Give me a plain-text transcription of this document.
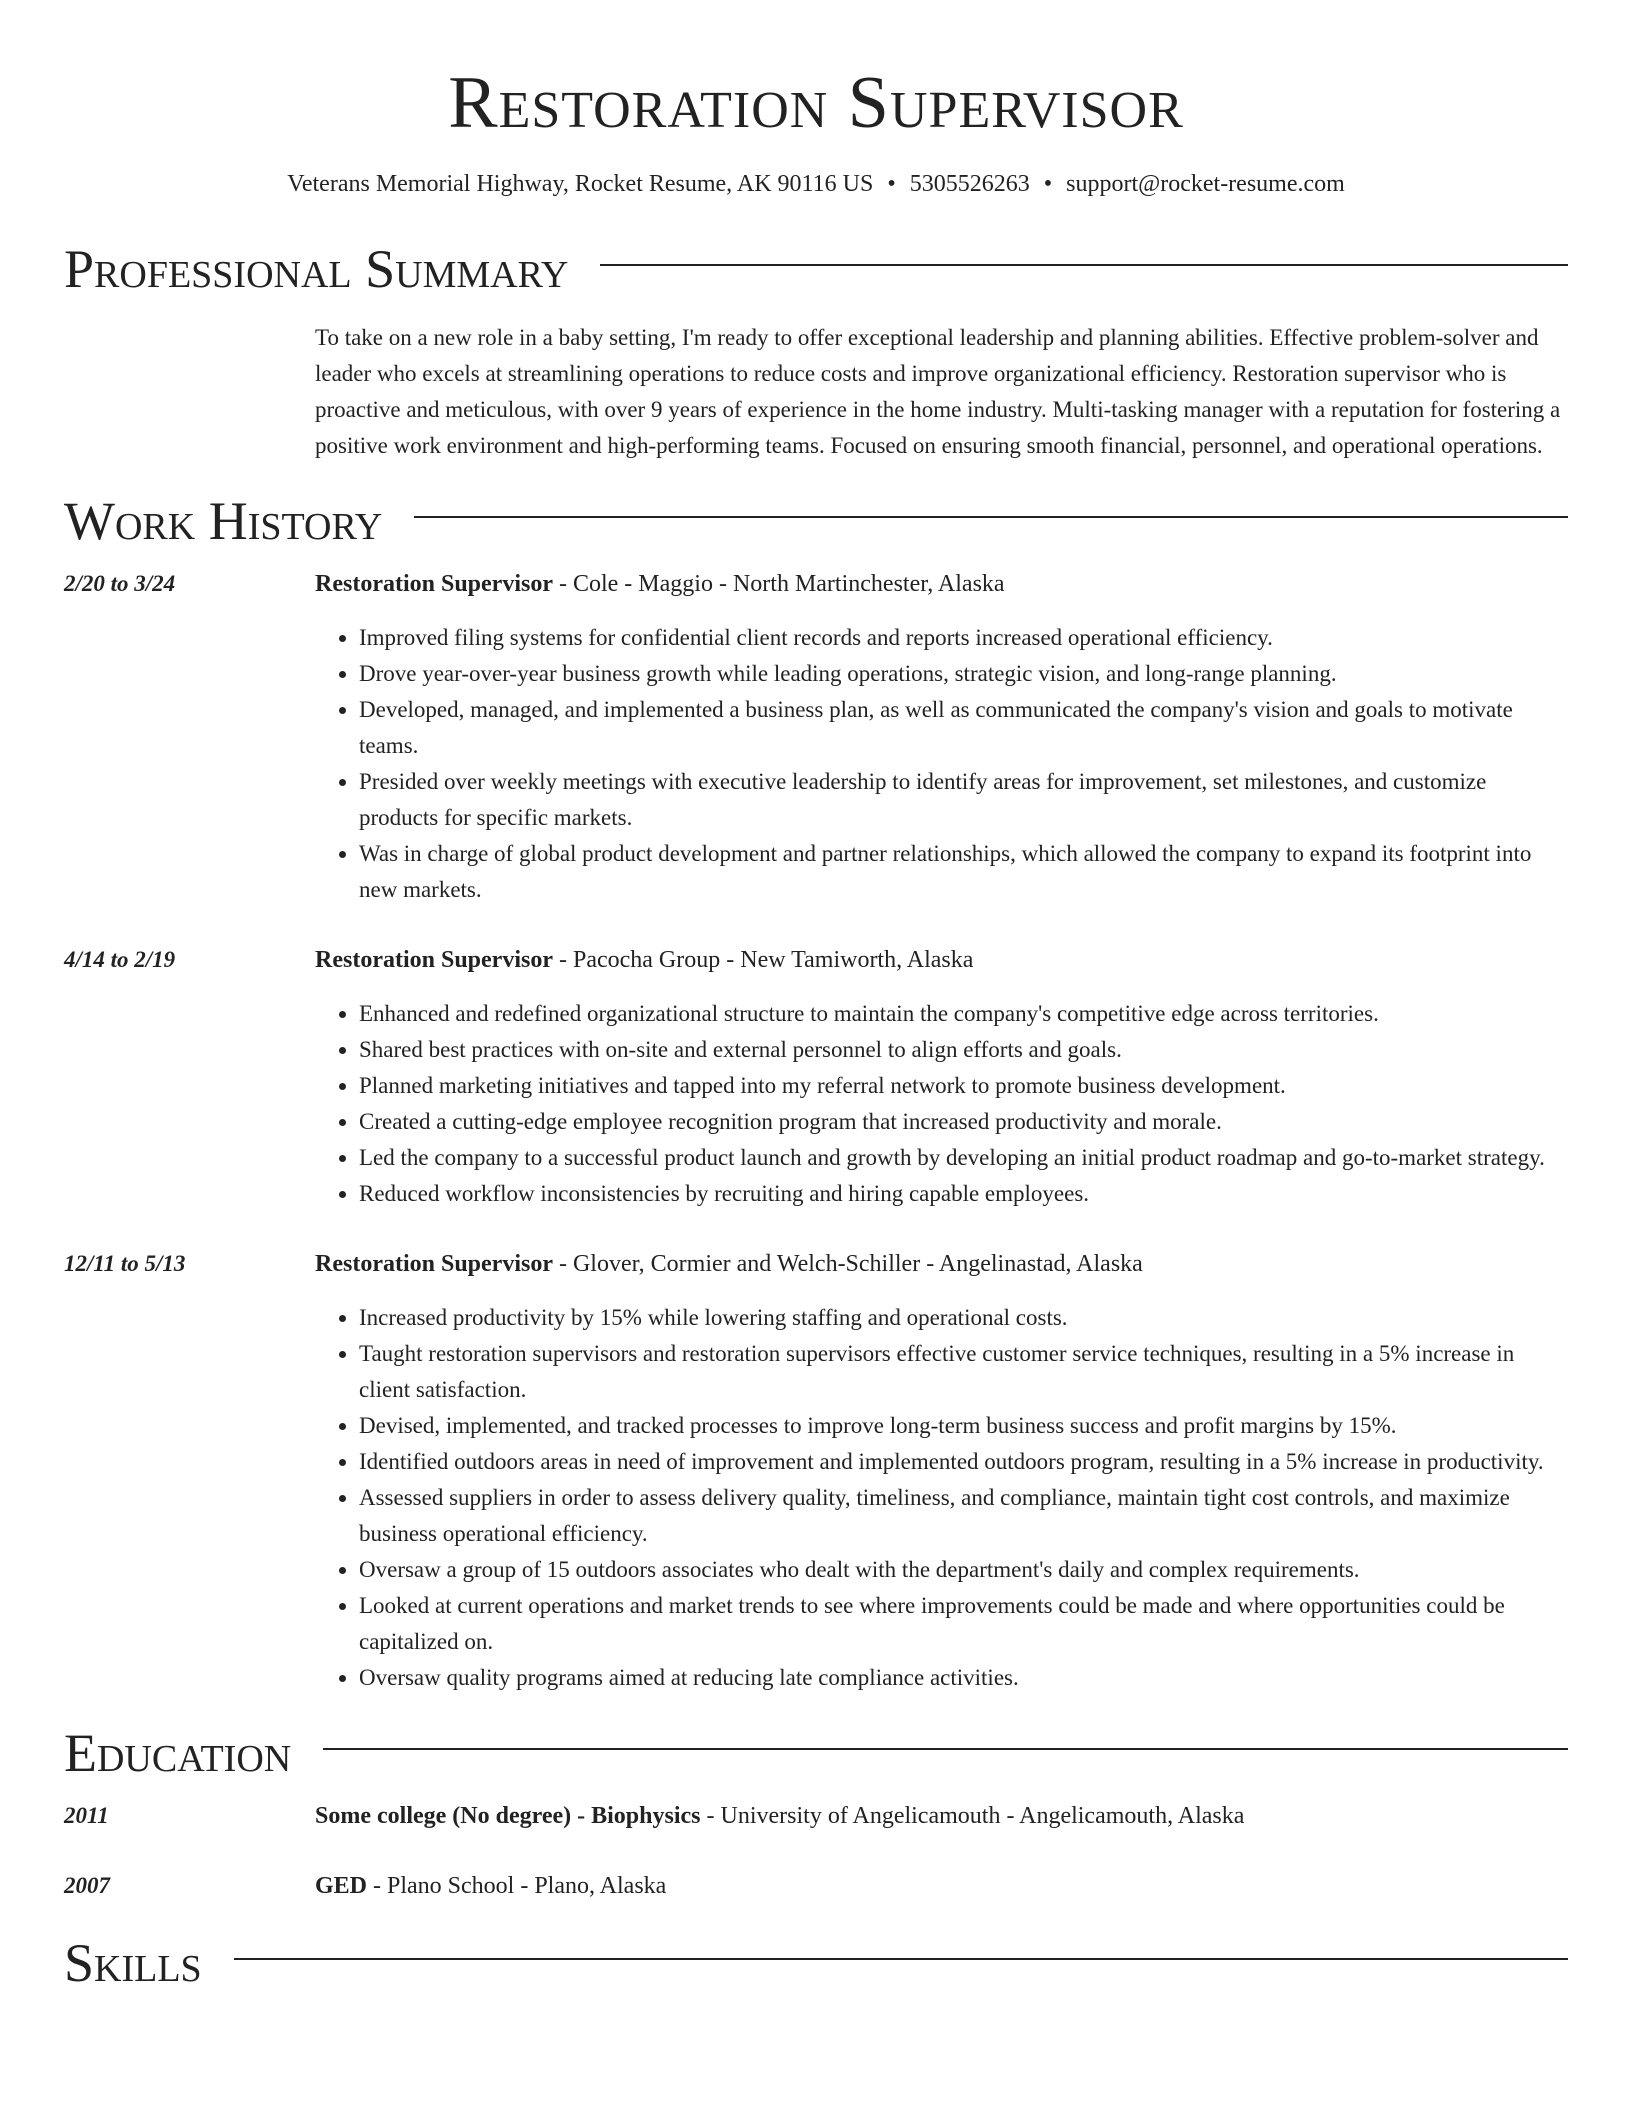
Restoration Supervisor
Veterans Memorial Highway, Rocket Resume, AK 90116 US • 5305526263 • support@rocket-resume.com
Professional Summary
To take on a new role in a baby setting, I'm ready to offer exceptional leadership and planning abilities. Effective problem-solver and leader who excels at streamlining operations to reduce costs and improve organizational efficiency. Restoration supervisor who is proactive and meticulous, with over 9 years of experience in the home industry. Multi-tasking manager with a reputation for fostering a positive work environment and high-performing teams. Focused on ensuring smooth financial, personnel, and operational operations.
Work History
2/20 to 3/24	Restoration Supervisor - Cole - Maggio - North Martinchester, Alaska
• Improved filing systems for confidential client records and reports increased operational efficiency.
• Drove year-over-year business growth while leading operations, strategic vision, and long-range planning.
• Developed, managed, and implemented a business plan, as well as communicated the company's vision and goals to motivate teams.
• Presided over weekly meetings with executive leadership to identify areas for improvement, set milestones, and customize products for specific markets.
• Was in charge of global product development and partner relationships, which allowed the company to expand its footprint into new markets.
4/14 to 2/19	Restoration Supervisor - Pacocha Group - New Tamiworth, Alaska
• Enhanced and redefined organizational structure to maintain the company's competitive edge across territories.
• Shared best practices with on-site and external personnel to align efforts and goals.
• Planned marketing initiatives and tapped into my referral network to promote business development.
• Created a cutting-edge employee recognition program that increased productivity and morale.
• Led the company to a successful product launch and growth by developing an initial product roadmap and go-to-market strategy.
• Reduced workflow inconsistencies by recruiting and hiring capable employees.
12/11 to 5/13	Restoration Supervisor - Glover, Cormier and Welch-Schiller - Angelinastad, Alaska
• Increased productivity by 15% while lowering staffing and operational costs.
• Taught restoration supervisors and restoration supervisors effective customer service techniques, resulting in a 5% increase in client satisfaction.
• Devised, implemented, and tracked processes to improve long-term business success and profit margins by 15%.
• Identified outdoors areas in need of improvement and implemented outdoors program, resulting in a 5% increase in productivity.
• Assessed suppliers in order to assess delivery quality, timeliness, and compliance, maintain tight cost controls, and maximize business operational efficiency.
• Oversaw a group of 15 outdoors associates who dealt with the department's daily and complex requirements.
• Looked at current operations and market trends to see where improvements could be made and where opportunities could be capitalized on.
• Oversaw quality programs aimed at reducing late compliance activities.
Education
2011	Some college (No degree) - Biophysics - University of Angelicamouth - Angelicamouth, Alaska
2007	GED - Plano School - Plano, Alaska
Skills
